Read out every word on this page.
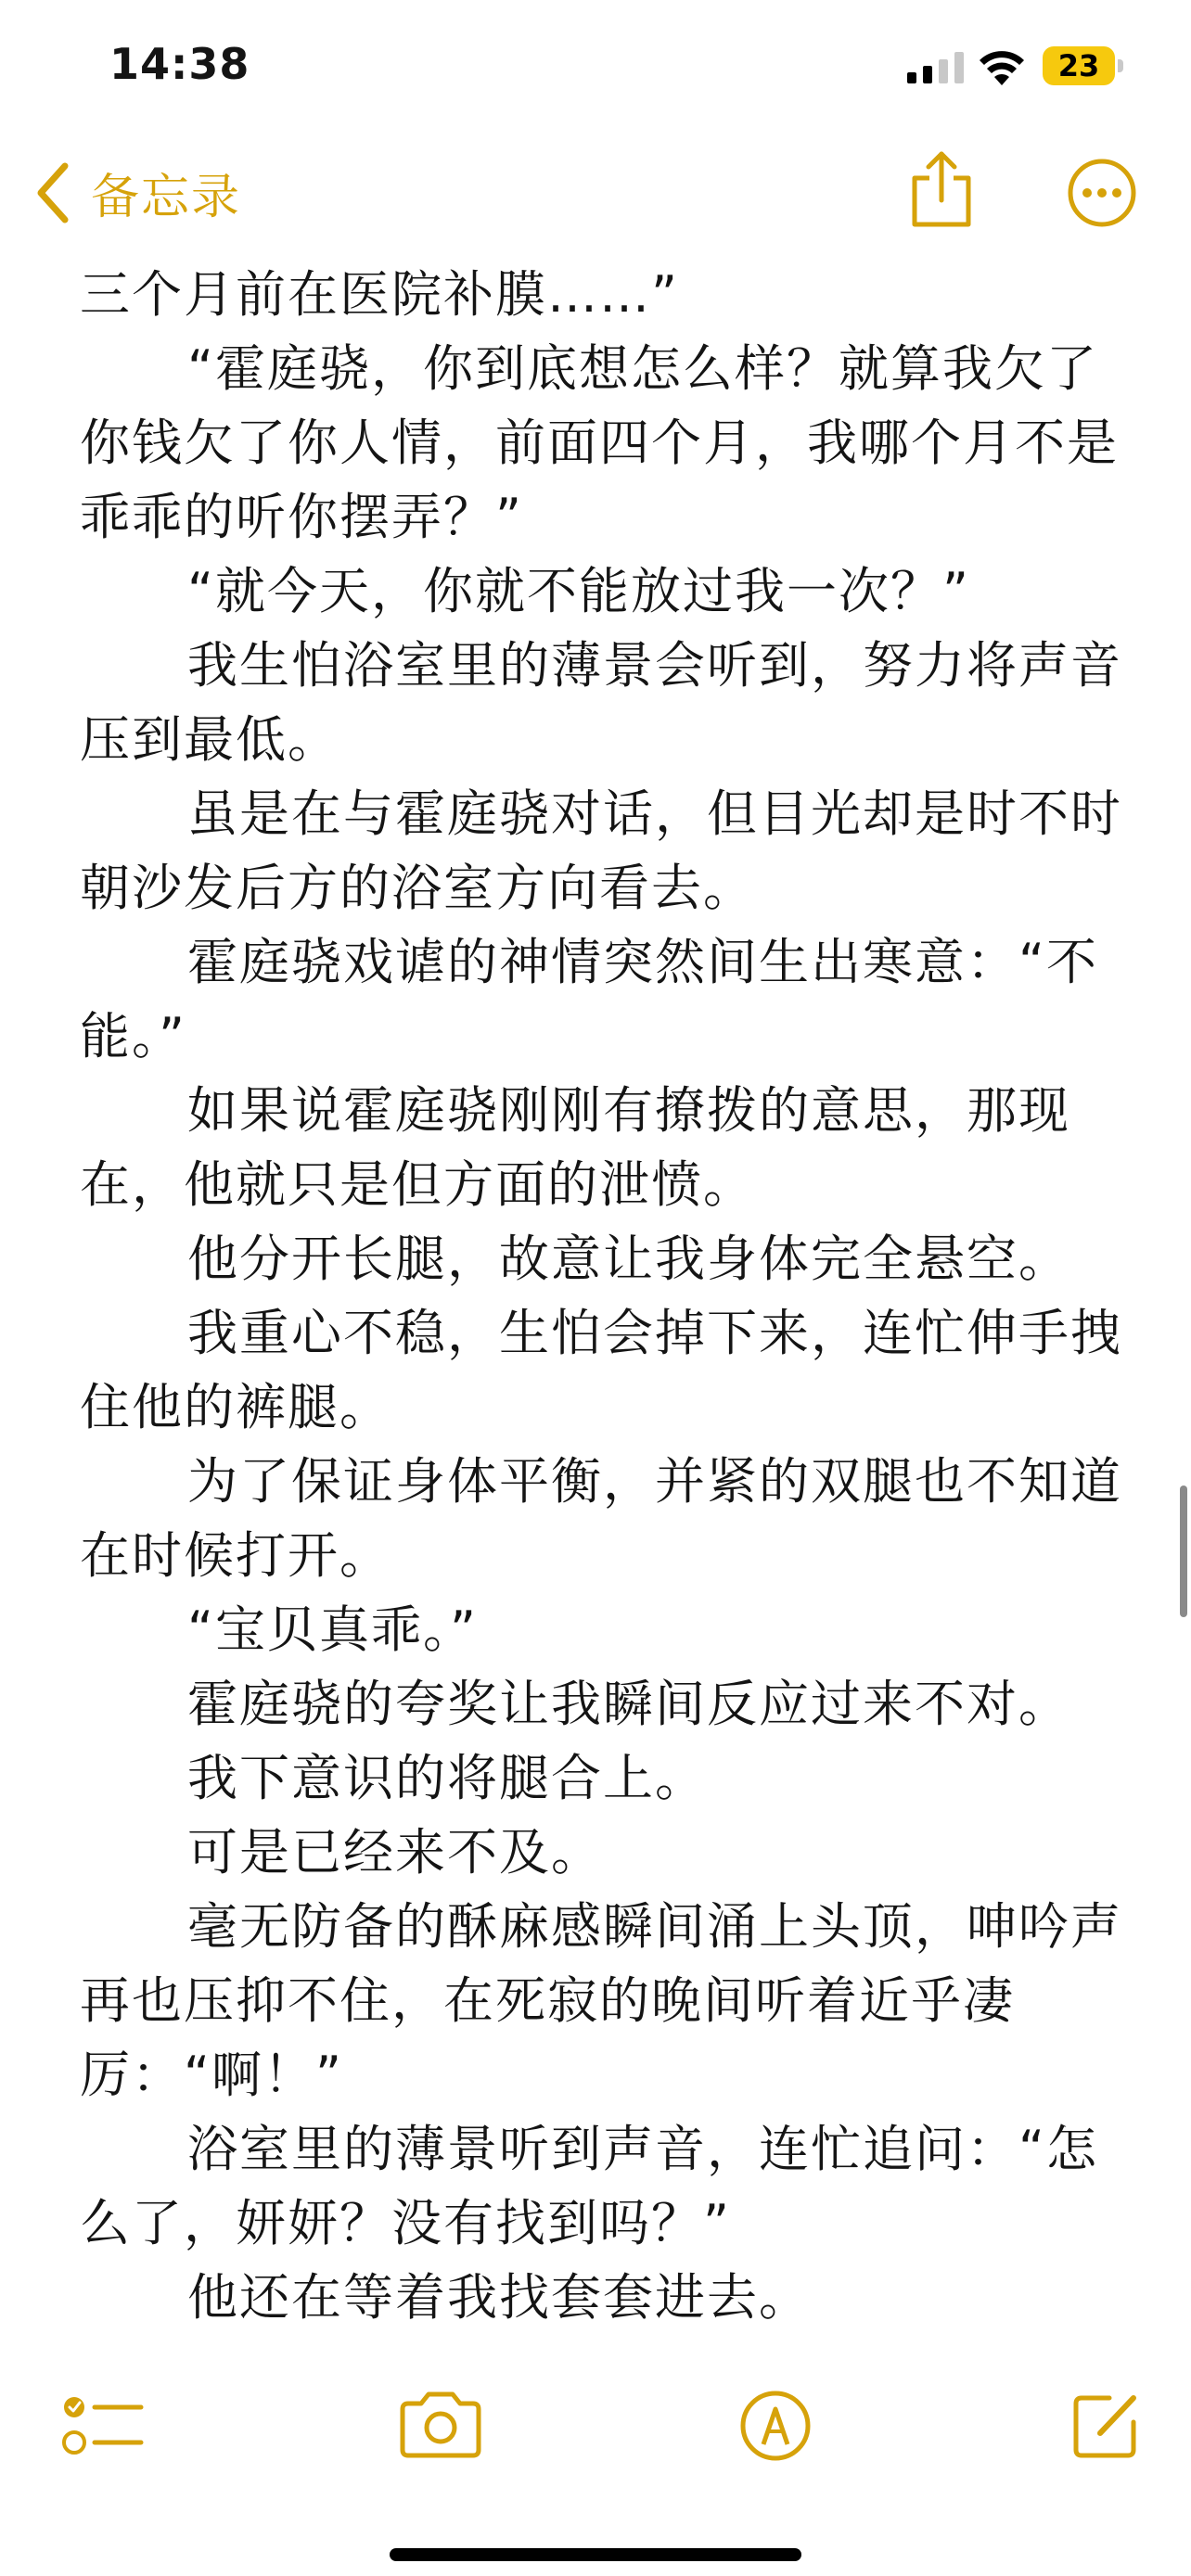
14:38	23
备忘录

三个月前在医院补膜……”

“霍庭骁，你到底想怎么样？就算我欠了你钱欠了你人情，前面四个月，我哪个月不是乖乖的听你摆弄？”

“就今天，你就不能放过我一次？”

我生怕浴室里的薄景会听到，努力将声音压到最低。

虽是在与霍庭骁对话，但目光却是时不时朝沙发后方的浴室方向看去。

霍庭骁戏谑的神情突然间生出寒意：“不能。”

如果说霍庭骁刚刚有撩拨的意思，那现在，他就只是但方面的泄愤。

他分开长腿，故意让我身体完全悬空。

我重心不稳，生怕会掉下来，连忙伸手拽住他的裤腿。

为了保证身体平衡，并紧的双腿也不知道在时候打开。

“宝贝真乖。”

霍庭骁的夸奖让我瞬间反应过来不对。

我下意识的将腿合上。

可是已经来不及。

毫无防备的酥麻感瞬间涌上头顶，呻吟声再也压抑不住，在死寂的晚间听着近乎凄厉：“啊！”

浴室里的薄景听到声音，连忙追问：“怎么了，妍妍？没有找到吗？”

他还在等着我找套套进去。
